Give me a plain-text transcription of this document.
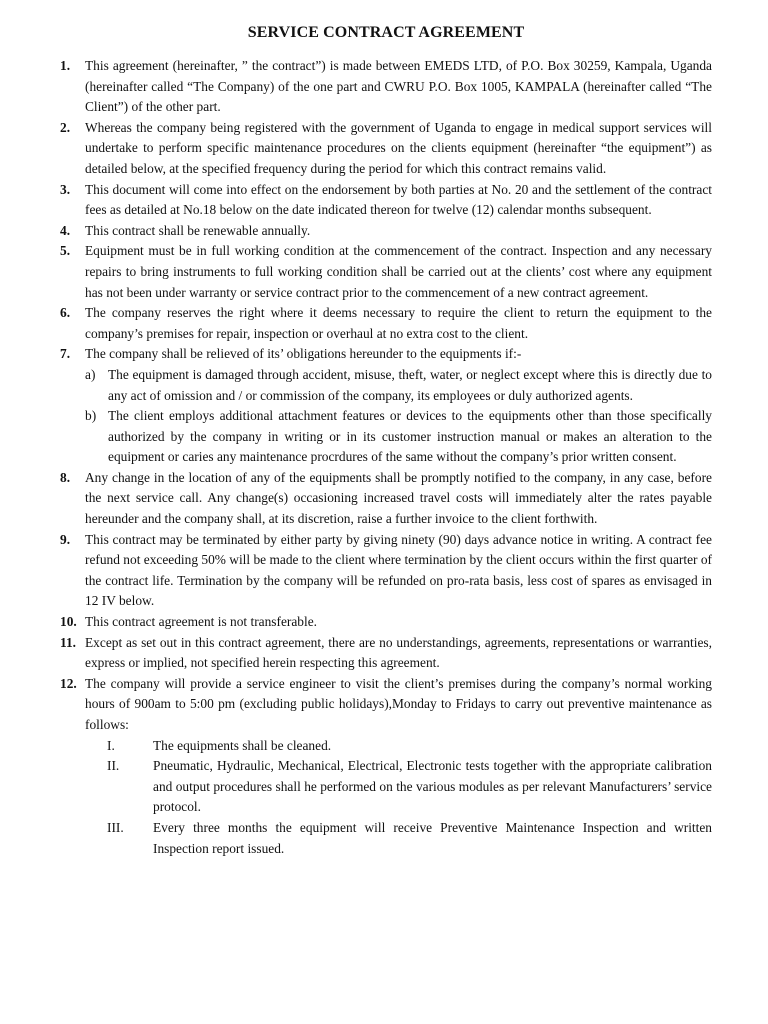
SERVICE CONTRACT AGREEMENT
1. This agreement (hereinafter, ” the contract”) is made between EMEDS LTD, of P.O. Box 30259, Kampala, Uganda (hereinafter called “The Company) of the one part and CWRU P.O. Box 1005, KAMPALA (hereinafter called “The Client”) of the other part.
2. Whereas the company being registered with the government of Uganda to engage in medical support services will undertake to perform specific maintenance procedures on the clients equipment (hereinafter “the equipment”) as detailed below, at the specified frequency during the period for which this contract remains valid.
3. This document will come into effect on the endorsement by both parties at No. 20 and the settlement of the contract fees as detailed at No.18 below on the date indicated thereon for twelve (12) calendar months subsequent.
4. This contract shall be renewable annually.
5. Equipment must be in full working condition at the commencement of the contract. Inspection and any necessary repairs to bring instruments to full working condition shall be carried out at the clients’ cost where any equipment has not been under warranty or service contract prior to the commencement of a new contract agreement.
6. The company reserves the right where it deems necessary to require the client to return the equipment to the company’s premises for repair, inspection or overhaul at no extra cost to the client.
7. The company shall be relieved of its’ obligations hereunder to the equipments if:-
a) The equipment is damaged through accident, misuse, theft, water, or neglect except where this is directly due to any act of omission and / or commission of the company, its employees or duly authorized agents.
b) The client employs additional attachment features or devices to the equipments other than those specifically authorized by the company in writing or in its customer instruction manual or makes an alteration to the equipment or caries any maintenance procrdures of the same without the company’s prior written consent.
8. Any change in the location of any of the equipments shall be promptly notified to the company, in any case, before the next service call. Any change(s) occasioning increased travel costs will immediately alter the rates payable hereunder and the company shall, at its discretion, raise a further invoice to the client forthwith.
9. This contract may be terminated by either party by giving ninety (90) days advance notice in writing. A contract fee refund not exceeding 50% will be made to the client where termination by the client occurs within the first quarter of the contract life. Termination by the company will be refunded on pro-rata basis, less cost of spares as envisaged in 12 IV below.
10. This contract agreement is not transferable.
11. Except as set out in this contract agreement, there are no understandings, agreements, representations or warranties, express or implied, not specified herein respecting this agreement.
12. The company will provide a service engineer to visit the client’s premises during the company’s normal working hours of 900am to 5:00 pm (excluding public holidays),Monday to Fridays to carry out preventive maintenance as follows:
I.	The equipments shall be cleaned.
II.	Pneumatic, Hydraulic, Mechanical, Electrical, Electronic tests together with the appropriate calibration and output procedures shall he performed on the various modules as per relevant Manufacturers’ service protocol.
III. Every three months the equipment will receive Preventive Maintenance Inspection and written Inspection report issued.
